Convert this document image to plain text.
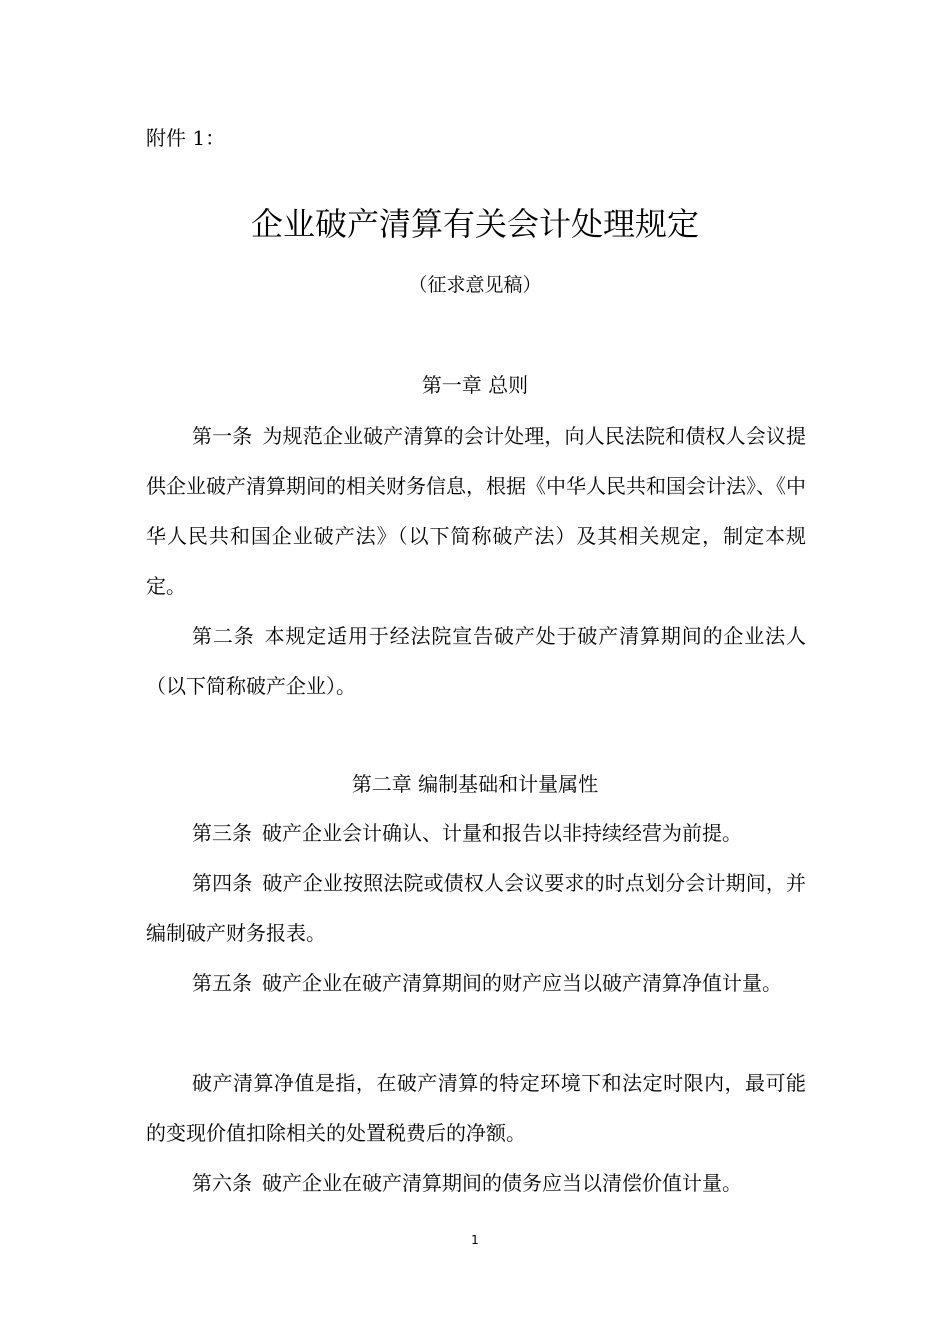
附件 1：
企业破产清算有关会计处理规定
（征求意见稿）
第一章 总则
第一条 为规范企业破产清算的会计处理，向人民法院和债权人会议提供企业破产清算期间的相关财务信息，根据《中华人民共和国会计法》、《中华人民共和国企业破产法》（以下简称破产法）及其相关规定，制定本规定。
第二条 本规定适用于经法院宣告破产处于破产清算期间的企业法人（以下简称破产企业）。
第二章 编制基础和计量属性
第三条 破产企业会计确认、计量和报告以非持续经营为前提。
第四条 破产企业按照法院或债权人会议要求的时点划分会计期间，并编制破产财务报表。
第五条 破产企业在破产清算期间的财产应当以破产清算净值计量。
破产清算净值是指，在破产清算的特定环境下和法定时限内，最可能的变现价值扣除相关的处置税费后的净额。
第六条 破产企业在破产清算期间的债务应当以清偿价值计量。
1
